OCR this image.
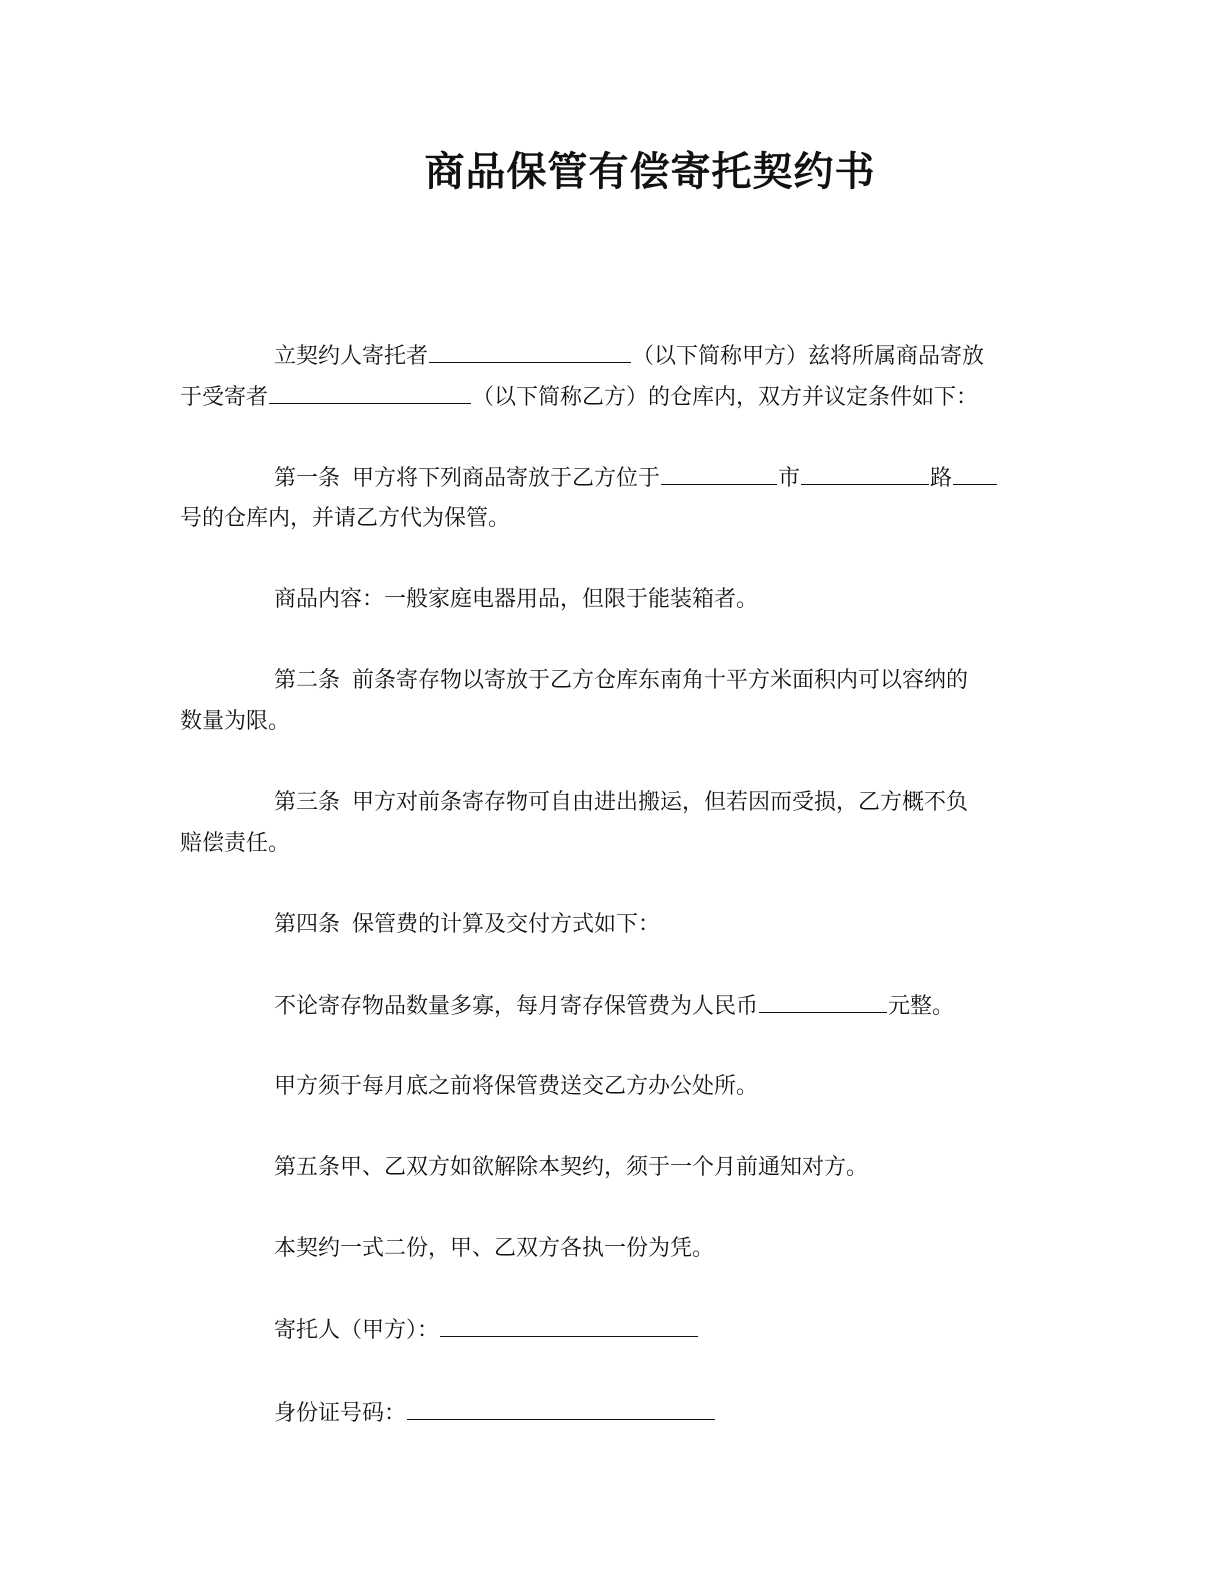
商品保管有偿寄托契约书
立契约人寄托者	（以下简称甲方）兹将所属商品寄放
于受寄者	（以下简称乙方）的仓库内，双方并议定条件如下：
第一条 甲方将下列商品寄放于乙方位于	市	路
号的仓库内，并请乙方代为保管。
商品内容：一般家庭电器用品，但限于能装箱者。
第二条 前条寄存物以寄放于乙方仓库东南角十平方米面积内可以容纳的
数量为限。
第三条 甲方对前条寄存物可自由进出搬运，但若因而受损，乙方概不负
赔偿责任。
第四条 保管费的计算及交付方式如下：
不论寄存物品数量多寡，每月寄存保管费为人民币	元整。
甲方须于每月底之前将保管费送交乙方办公处所。
第五条甲、乙双方如欲解除本契约，须于一个月前通知对方。
本契约一式二份，甲、乙双方各执一份为凭。
寄托人（甲方）：
身份证号码：
